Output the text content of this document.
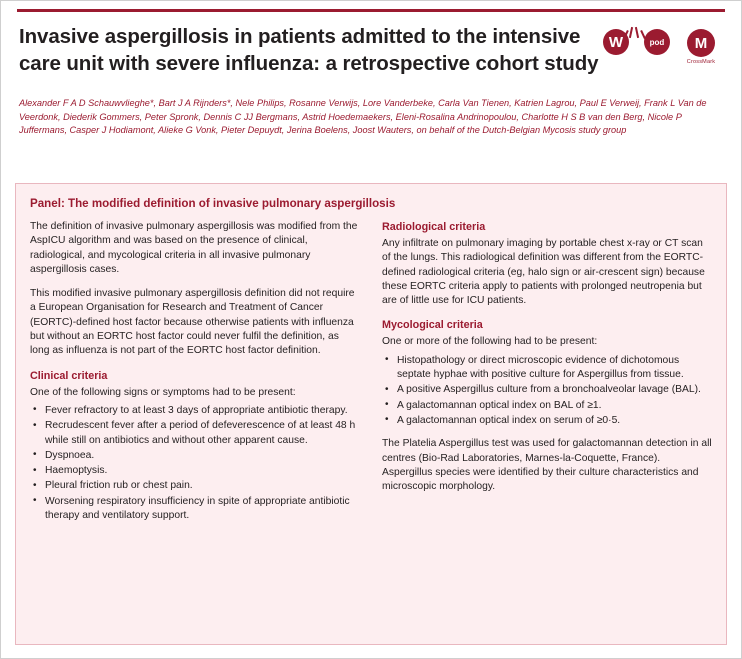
Invasive aspergillosis in patients admitted to the intensive care unit with severe influenza: a retrospective cohort study
W	pod	M
CrossMark
Alexander F A D Schauwvlieghe*, Bart J A Rijnders*, Nele Philips, Rosanne Verwijs, Lore Vanderbeke, Carla Van Tienen, Katrien Lagrou, Paul E Verweij, Frank L Van de Veerdonk, Diederik Gommers, Peter Spronk, Dennis C JJ Bergmans, Astrid Hoedemaekers, Eleni-Rosalina Andrinopoulou, Charlotte H S B van den Berg, Nicole P Juffermans, Casper J Hodiamont, Alieke G Vonk, Pieter Depuydt, Jerina Boelens, Joost Wauters, on behalf of the Dutch-Belgian Mycosis study group
Panel: The modified definition of invasive pulmonary aspergillosis

The definition of invasive pulmonary aspergillosis was modified from the AspICU algorithm and was based on the presence of clinical, radiological, and mycological criteria in all invasive pulmonary aspergillosis cases.

This modified invasive pulmonary aspergillosis definition did not require a European Organisation for Research and Treatment of Cancer (EORTC)-defined host factor because otherwise patients with influenza but without an EORTC host factor could never fulfil the definition, as long as influenza is not part of the EORTC host factor definition.

Clinical criteria

One of the following signs or symptoms had to be present:

• Fever refractory to at least 3 days of appropriate antibiotic therapy.
• Recrudescent fever after a period of defeverescence of at least 48 h while still on antibiotics and without other apparent cause.
• Dyspnoea.
• Haemoptysis.
• Pleural friction rub or chest pain.
• Worsening respiratory insufficiency in spite of appropriate antibiotic therapy and ventilatory support.
Radiological criteria

Any infiltrate on pulmonary imaging by portable chest x-ray or CT scan of the lungs. This radiological definition was different from the EORTC-defined radiological criteria (eg, halo sign or air-crescent sign) because these EORTC criteria apply to patients with prolonged neutropenia but are of little use for ICU patients.

Mycological criteria

One or more of the following had to be present:

• Histopathology or direct microscopic evidence of dichotomous septate hyphae with positive culture for Aspergillus from tissue.
• A positive Aspergillus culture from a bronchoalveolar lavage (BAL).
• A galactomannan optical index on BAL of ≥1.
• A galactomannan optical index on serum of ≥0·5.

The Platelia Aspergillus test was used for galactomannan detection in all centres (Bio-Rad Laboratories, Marnes-la-Coquette, France). Aspergillus species were identified by their culture characteristics and microscopic morphology.
